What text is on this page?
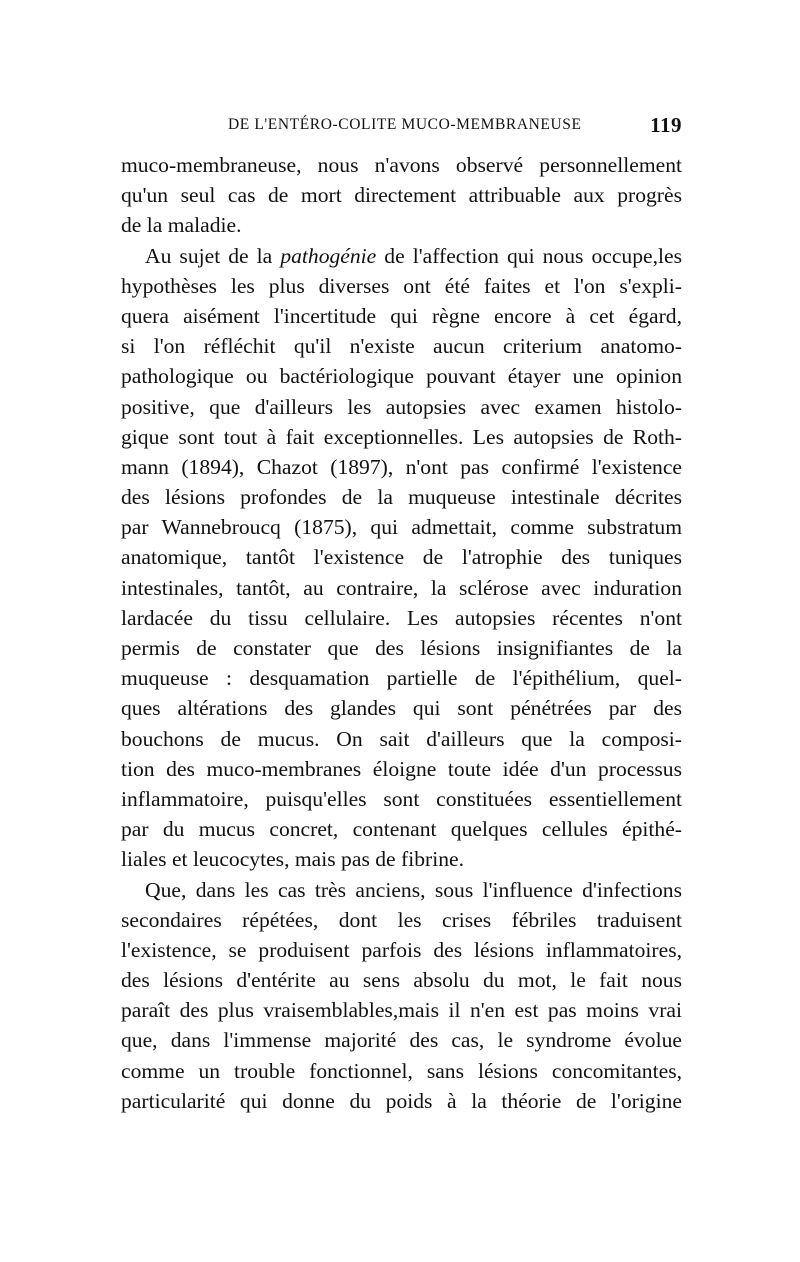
DE L'ENTÉRO-COLITE MUCO-MEMBRANEUSE	119
muco-membraneuse, nous n'avons observé personnellement
qu'un seul cas de mort directement attribuable aux progrès
de la maladie.
Au sujet de la pathogénie de l'affection qui nous occupe,les
hypothèses les plus diverses ont été faites et l'on s'expli-
quera aisément l'incertitude qui règne encore à cet égard,
si l'on réfléchit qu'il n'existe aucun criterium anatomo-
pathologique ou bactériologique pouvant étayer une opinion
positive, que d'ailleurs les autopsies avec examen histolo-
gique sont tout à fait exceptionnelles. Les autopsies de Roth-
mann (1894), Chazot (1897), n'ont pas confirmé l'existence
des lésions profondes de la muqueuse intestinale décrites
par Wannebroucq (1875), qui admettait, comme substratum
anatomique, tantôt l'existence de l'atrophie des tuniques
intestinales, tantôt, au contraire, la sclérose avec induration
lardacée du tissu cellulaire. Les autopsies récentes n'ont
permis de constater que des lésions insignifiantes de la
muqueuse : desquamation partielle de l'épithélium, quel-
ques altérations des glandes qui sont pénétrées par des
bouchons de mucus. On sait d'ailleurs que la composi-
tion des muco-membranes éloigne toute idée d'un processus
inflammatoire, puisqu'elles sont constituées essentiellement
par du mucus concret, contenant quelques cellules épithé-
liales et leucocytes, mais pas de fibrine.
Que, dans les cas très anciens, sous l'influence d'infections
secondaires répétées, dont les crises fébriles traduisent
l'existence, se produisent parfois des lésions inflammatoires,
des lésions d'entérite au sens absolu du mot, le fait nous
paraît des plus vraisemblables,mais il n'en est pas moins vrai
que, dans l'immense majorité des cas, le syndrome évolue
comme un trouble fonctionnel, sans lésions concomitantes,
particularité qui donne du poids à la théorie de l'origine
